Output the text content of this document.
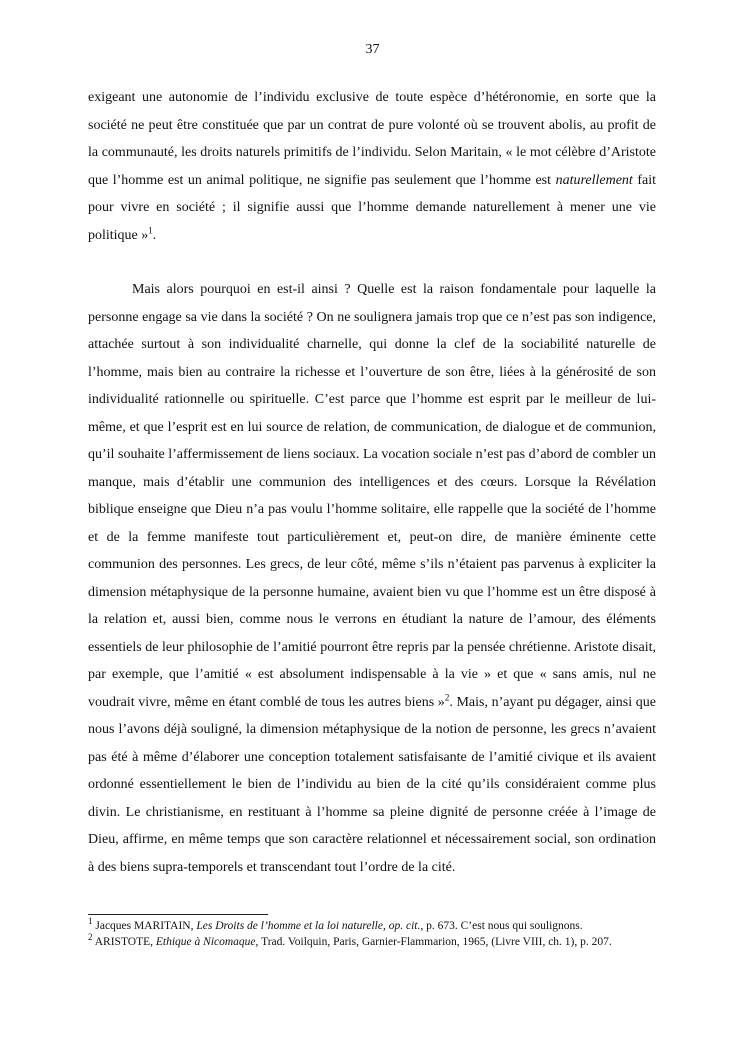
37

exigeant une autonomie de l’individu exclusive de toute espèce d’hétéronomie, en sorte que la société ne peut être constituée que par un contrat de pure volonté où se trouvent abolis, au profit de la communauté, les droits naturels primitifs de l’individu. Selon Maritain, « le mot célèbre d’Aristote que l’homme est un animal politique, ne signifie pas seulement que l’homme est naturellement fait pour vivre en société ; il signifie aussi que l’homme demande naturellement à mener une vie politique »$^1$.

Mais alors pourquoi en est-il ainsi ? Quelle est la raison fondamentale pour laquelle la personne engage sa vie dans la société ? On ne soulignera jamais trop que ce n’est pas son indigence, attachée surtout à son individualité charnelle, qui donne la clef de la sociabilité naturelle de l’homme, mais bien au contraire la richesse et l’ouverture de son être, liées à la générosité de son individualité rationnelle ou spirituelle. C’est parce que l’homme est esprit par le meilleur de lui-même, et que l’esprit est en lui source de relation, de communication, de dialogue et de communion, qu’il souhaite l’affermissement de liens sociaux. La vocation sociale n’est pas d’abord de combler un manque, mais d’établir une communion des intelligences et des cœurs. Lorsque la Révélation biblique enseigne que Dieu n’a pas voulu l’homme solitaire, elle rappelle que la société de l’homme et de la femme manifeste tout particulièrement et, peut-on dire, de manière éminente cette communion des personnes. Les grecs, de leur côté, même s’ils n’étaient pas parvenus à expliciter la dimension métaphysique de la personne humaine, avaient bien vu que l’homme est un être disposé à la relation et, aussi bien, comme nous le verrons en étudiant la nature de l’amour, des éléments essentiels de leur philosophie de l’amitié pourront être repris par la pensée chrétienne. Aristote disait, par exemple, que l’amitié « est absolument indispensable à la vie » et que « sans amis, nul ne voudrait vivre, même en étant comblé de tous les autres biens »$^2$. Mais, n’ayant pu dégager, ainsi que nous l’avons déjà souligné, la dimension métaphysique de la notion de personne, les grecs n’avaient pas été à même d’élaborer une conception totalement satisfaisante de l’amitié civique et ils avaient ordonné essentiellement le bien de l’individu au bien de la cité qu’ils considéraient comme plus divin. Le christianisme, en restituant à l’homme sa pleine dignité de personne créée à l’image de Dieu, affirme, en même temps que son caractère relationnel et nécessairement social, son ordination à des biens supra-temporels et transcendant tout l’ordre de la cité.

$^1$ Jacques MARITAIN, Les Droits de l’homme et la loi naturelle, op. cit., p. 673. C’est nous qui soulignons.

$^2$ ARISTOTE, Ethique à Nicomaque, Trad. Voilquin, Paris, Garnier-Flammarion, 1965, (Livre VIII, ch. 1), p. 207.
